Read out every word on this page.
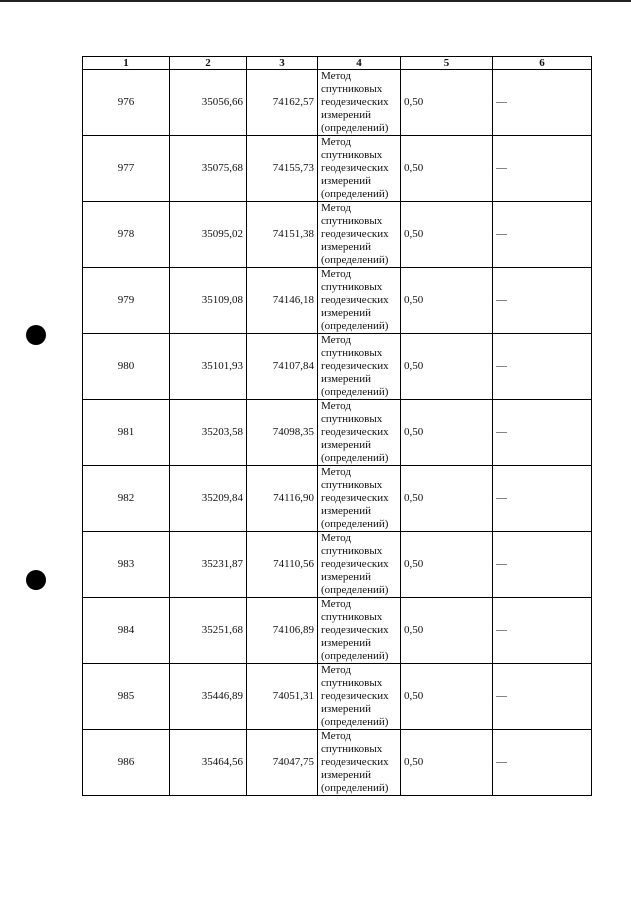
1	2	3	4	5	6
976	35056,66	74162,57	Метод
спутниковых
геодезических
измерений
(определений)	0,50	—
977	35075,68	74155,73	Метод
спутниковых
геодезических
измерений
(определений)	0,50	—
978	35095,02	74151,38	Метод
спутниковых
геодезических
измерений
(определений)	0,50	—
979	35109,08	74146,18	Метод
спутниковых
геодезических
измерений
(определений)	0,50	—
980	35101,93	74107,84	Метод
спутниковых
геодезических
измерений
(определений)	0,50	—
981	35203,58	74098,35	Метод
спутниковых
геодезических
измерений
(определений)	0,50	—
982	35209,84	74116,90	Метод
спутниковых
геодезических
измерений
(определений)	0,50	—
983	35231,87	74110,56	Метод
спутниковых
геодезических
измерений
(определений)	0,50	—
984	35251,68	74106,89	Метод
спутниковых
геодезических
измерений
(определений)	0,50	—
985	35446,89	74051,31	Метод
спутниковых
геодезических
измерений
(определений)	0,50	—
986	35464,56	74047,75	Метод
спутниковых
геодезических
измерений
(определений)	0,50	—
